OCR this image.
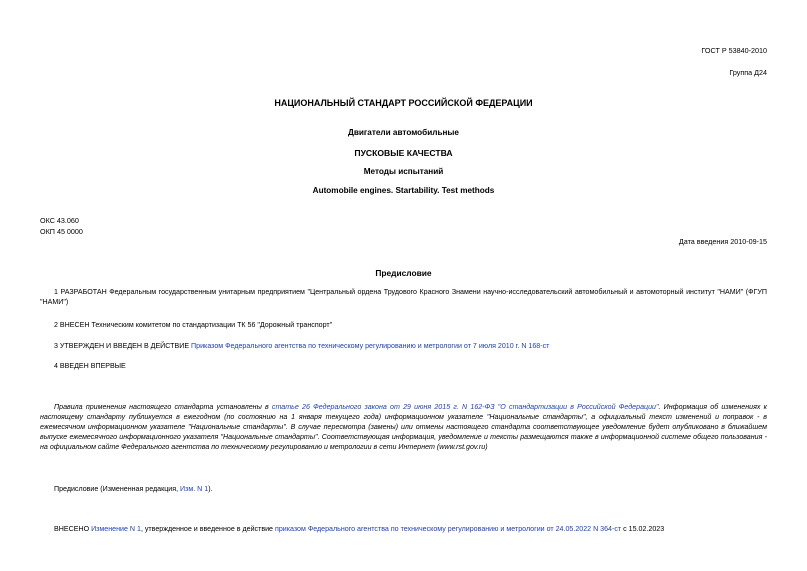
ГОСТ Р 53840-2010
Группа Д24
НАЦИОНАЛЬНЫЙ СТАНДАРТ РОССИЙСКОЙ ФЕДЕРАЦИИ
Двигатели автомобильные
ПУСКОВЫЕ КАЧЕСТВА
Методы испытаний
Automobile engines. Startability. Test methods
ОКС 43.060
ОКП 45 0000
Дата введения 2010-09-15
Предисловие
1 РАЗРАБОТАН Федеральным государственным унитарным предприятием "Центральный ордена Трудового Красного Знамени научно-исследовательский автомобильный и автомоторный институт "НАМИ" (ФГУП "НАМИ")
2 ВНЕСЕН Техническим комитетом по стандартизации ТК 56 "Дорожный транспорт"
3 УТВЕРЖДЕН И ВВЕДЕН В ДЕЙСТВИЕ Приказом Федерального агентства по техническому регулированию и метрологии от 7 июля 2010 г. N 168-ст
4 ВВЕДЕН ВПЕРВЫЕ
Правила применения настоящего стандарта установлены в статье 26 Федерального закона от 29 июня 2015 г. N 162-ФЗ "О стандартизации в Российской Федерации". Информация об изменениях к настоящему стандарту публикуется в ежегодном (по состоянию на 1 января текущего года) информационном указателе "Национальные стандарты", а официальный текст изменений и поправок - в ежемесячном информационном указателе "Национальные стандарты". В случае пересмотра (замены) или отмены настоящего стандарта соответствующее уведомление будет опубликовано в ближайшем выпуске ежемесячного информационного указателя "Национальные стандарты". Соответствующая информация, уведомление и тексты размещаются также в информационной системе общего пользования - на официальном сайте Федерального агентства по техническому регулированию и метрологии в сети Интернет (www.rst.gov.ru)
Предисловие (Измененная редакция, Изм. N 1).
ВНЕСЕНО Изменение N 1, утвержденное и введенное в действие приказом Федерального агентства по техническому регулированию и метрологии от 24.05.2022 N 364-ст с 15.02.2023
